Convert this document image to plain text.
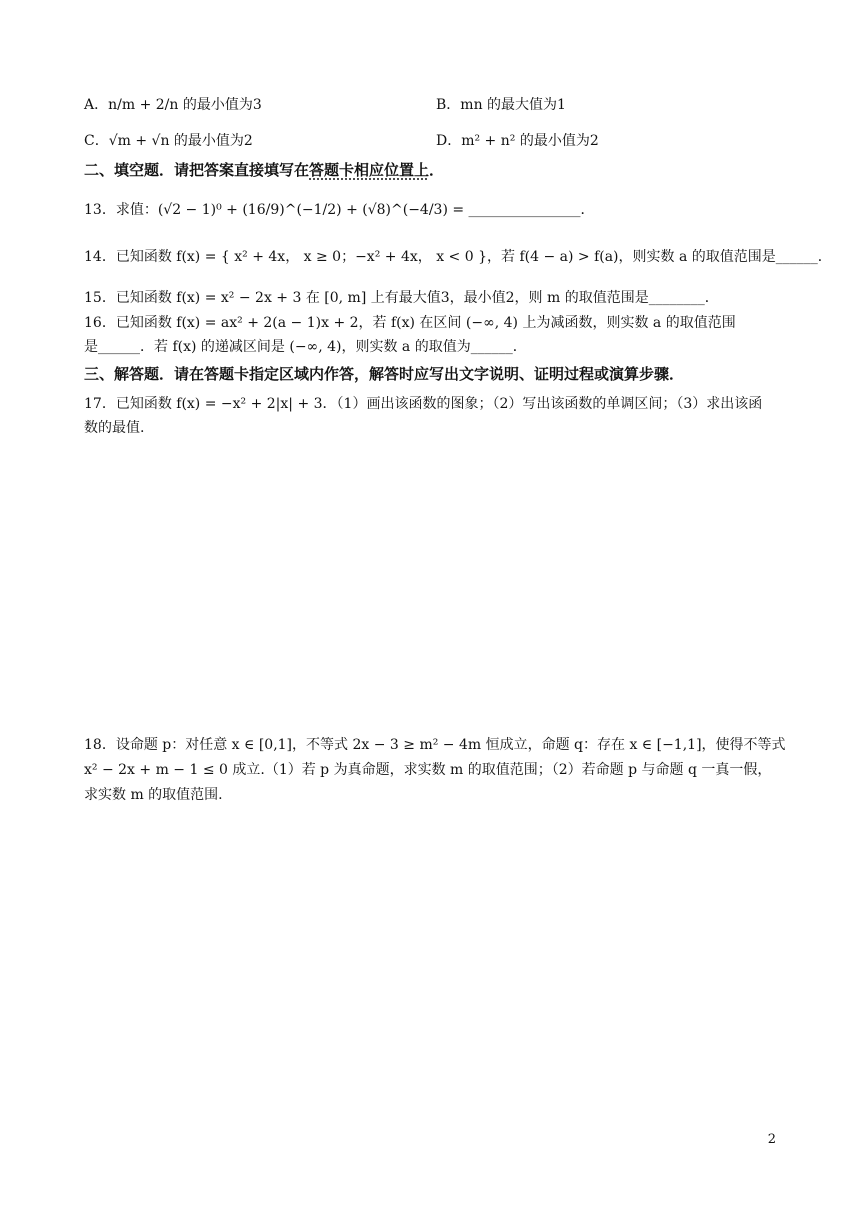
A．n/m + 2/n 的最小值为3	B．mn 的最大值为1
C．√m + √n 的最小值为2	D．m² + n² 的最小值为2
二、填空题．请把答案直接填写在答题卡相应位置上．
13．求值：(√2 − 1)⁰ + (16/9)^(−1/2) + (√8)^(−4/3) = ________________．
14．已知函数 f(x) = { x² + 4x， x ≥ 0；−x² + 4x， x < 0 }，若 f(4 − a) > f(a)，则实数 a 的取值范围是______．
15．已知函数 f(x) = x² − 2x + 3 在 [0, m] 上有最大值3，最小值2，则 m 的取值范围是________．
16．已知函数 f(x) = ax² + 2(a − 1)x + 2，若 f(x) 在区间 (−∞, 4) 上为减函数，则实数 a 的取值范围
是______．若 f(x) 的递减区间是 (−∞, 4)，则实数 a 的取值为______．
三、解答题．请在答题卡指定区域内作答，解答时应写出文字说明、证明过程或演算步骤．
17．已知函数 f(x) = −x² + 2|x| + 3．（1）画出该函数的图象；（2）写出该函数的单调区间；（3）求出该函
数的最值.
18．设命题 p：对任意 x ∈ [0,1]，不等式 2x − 3 ≥ m² − 4m 恒成立，命题 q：存在 x ∈ [−1,1]，使得不等式
x² − 2x + m − 1 ≤ 0 成立.（1）若 p 为真命题，求实数 m 的取值范围；（2）若命题 p 与命题 q 一真一假，
求实数 m 的取值范围.
2
